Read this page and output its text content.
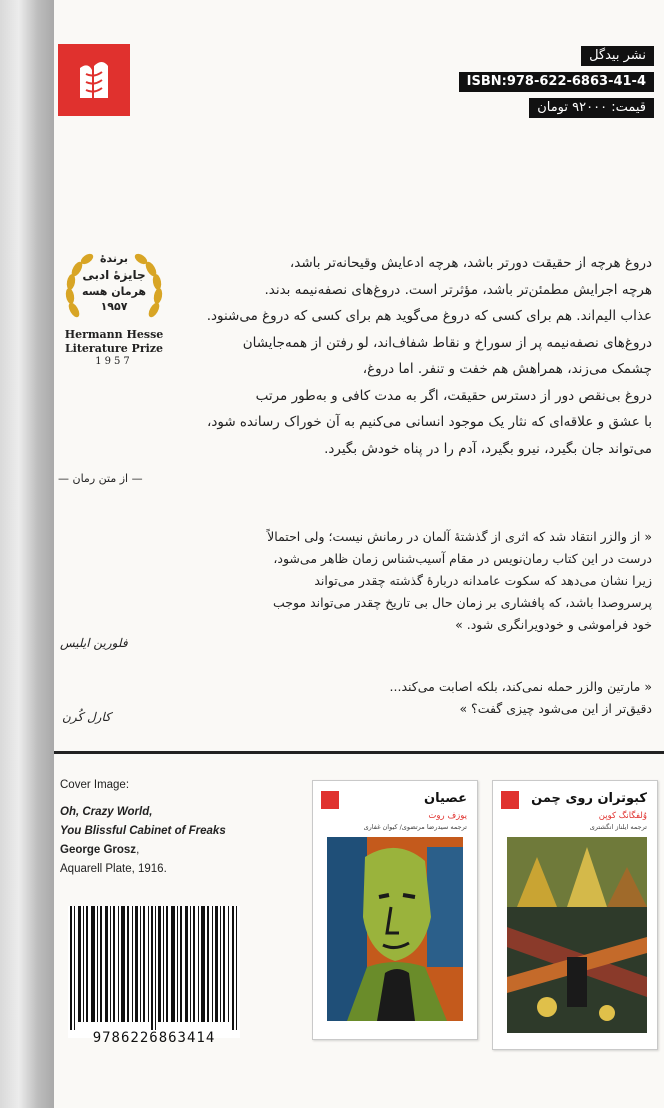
نشر بیدگل
ISBN:978-622-6863-41-4
قیمت: ۹۲۰۰۰ تومان
برندهٔ
جایزهٔ ادبی
هرمان هسه
۱۹۵۷
Hermann Hesse
Literature Prize
1957
دروغ هرچه از حقیقت دورتر باشد، هرچه ادعایش وقیحانه‌تر باشد،
هرچه اجرایش مطمئن‌تر باشد، مؤثرتر است. دروغ‌های نصفه‌نیمه بدند.
عذاب الیم‌اند. هم برای کسی که دروغ می‌گوید هم برای کسی که دروغ می‌شنود.
دروغ‌های نصفه‌نیمه پر از سوراخ و نقاط شفاف‌اند، لو رفتن از همه‌جایشان
چشمک می‌زند، همراهش هم خفت و تنفر. اما دروغ،
دروغ بی‌نقص دور از دسترس حقیقت، اگر به مدت کافی و به‌طور مرتب
با عشق و علاقه‌ای که نثار یک موجود انسانی می‌کنیم به آن خوراک رسانده شود،
می‌تواند جان بگیرد، نیرو بگیرد، آدم را در پناه خودش بگیرد.
— از متن رمان —
« از والزر انتقاد شد که اثری از گذشتهٔ آلمان در رمانش نیست؛ ولی احتمالاً
درست در این کتاب رمان‌نویس در مقام آسیب‌شناس زمان ظاهر می‌شود،
زیرا نشان می‌دهد که سکوت عامدانه دربارهٔ گذشته چقدر می‌تواند
پرسروصدا باشد، که پافشاری بر زمان حال بی تاریخ چقدر می‌تواند موجب
خود فراموشی و خودویرانگری شود. »
فلورین ایلیس
« مارتین والزر حمله نمی‌کند، بلکه اصابت می‌کند...
دقیق‌تر از این می‌شود چیزی گفت؟ »
کارل کُرن
Cover Image:
Oh, Crazy World,
You Blissful Cabinet of Freaks
George Grosz,
Aquarell Plate, 1916.
9786226863414
عصیان
یوزف روت
ترجمه سیدرضا مرتضوی/ کیوان غفاری
کبوتران روی چمن
وُلفگانگ کوپن
ترجمه ایلناز انگشتری
